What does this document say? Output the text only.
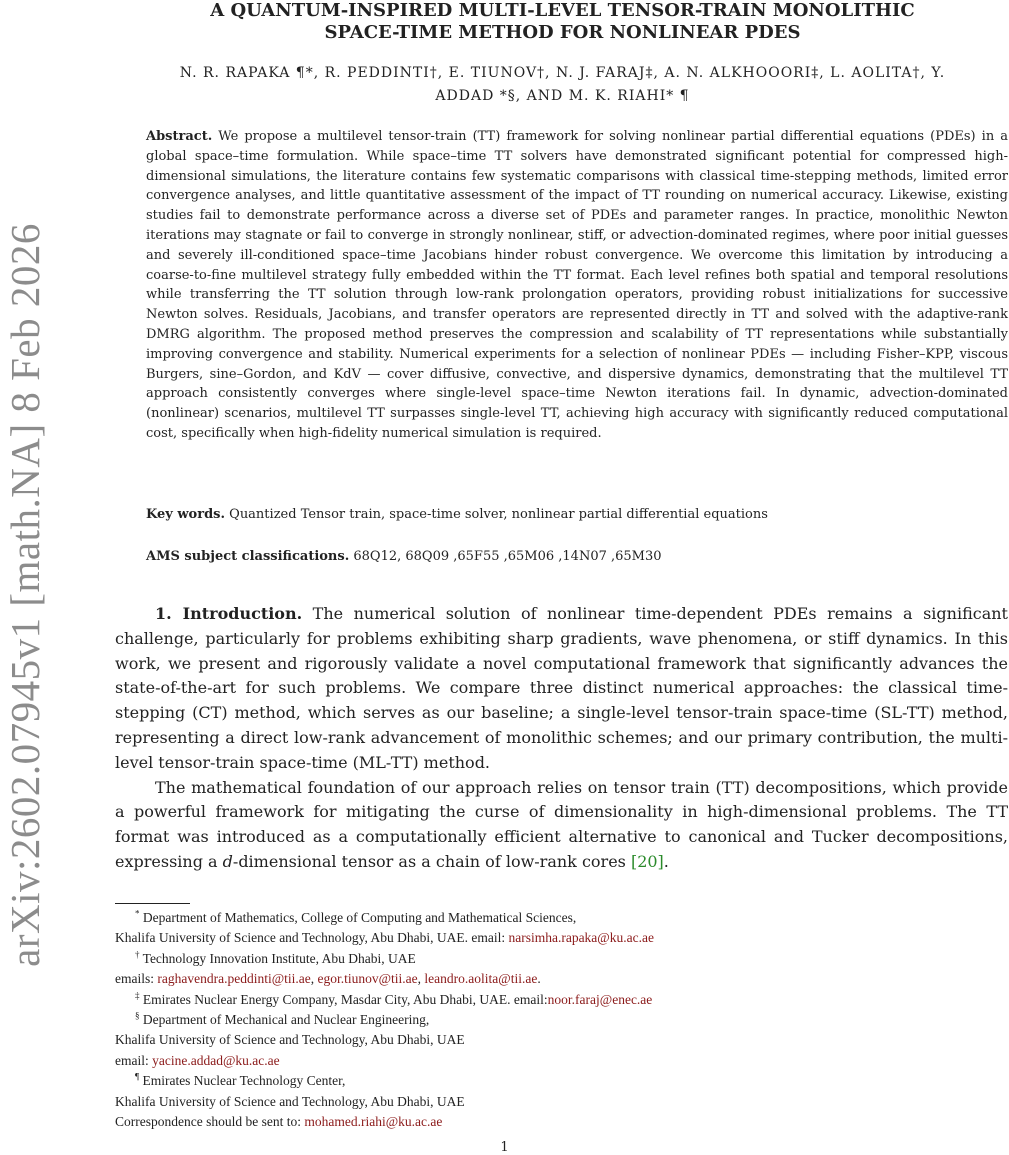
arXiv:2602.07945v1 [math.NA] 8 Feb 2026
A QUANTUM-INSPIRED MULTI-LEVEL TENSOR-TRAIN MONOLITHIC
SPACE-TIME METHOD FOR NONLINEAR PDES
N. R. RAPAKA ¶*, R. PEDDINTI†, E. TIUNOV†, N. J. FARAJ‡, A. N. ALKHOOORI‡, L. AOLITA†, Y.
ADDAD *§, AND M. K. RIAHI* ¶
Abstract. We propose a multilevel tensor-train (TT) framework for solving nonlinear partial differential equations (PDEs) in a global space–time formulation. While space–time TT solvers have demonstrated significant potential for compressed high-dimensional simulations, the literature contains few systematic comparisons with classical time-stepping methods, limited error convergence analyses, and little quantitative assessment of the impact of TT rounding on numerical accuracy. Likewise, existing studies fail to demonstrate performance across a diverse set of PDEs and parameter ranges. In practice, monolithic Newton iterations may stagnate or fail to converge in strongly nonlinear, stiff, or advection-dominated regimes, where poor initial guesses and severely ill-conditioned space–time Jacobians hinder robust convergence. We overcome this limitation by introducing a coarse-to-fine multilevel strategy fully embedded within the TT format. Each level refines both spatial and temporal resolutions while transferring the TT solution through low-rank prolongation operators, providing robust initializations for successive Newton solves. Residuals, Jacobians, and transfer operators are represented directly in TT and solved with the adaptive-rank DMRG algorithm. The proposed method preserves the compression and scalability of TT representations while substantially improving convergence and stability. Numerical experiments for a selection of nonlinear PDEs — including Fisher–KPP, viscous Burgers, sine–Gordon, and KdV — cover diffusive, convective, and dispersive dynamics, demonstrating that the multilevel TT approach consistently converges where single-level space–time Newton iterations fail. In dynamic, advection-dominated (nonlinear) scenarios, multilevel TT surpasses single-level TT, achieving high accuracy with significantly reduced computational cost, specifically when high-fidelity numerical simulation is required.
Key words. Quantized Tensor train, space-time solver, nonlinear partial differential equations
AMS subject classifications. 68Q12, 68Q09 ,65F55 ,65M06 ,14N07 ,65M30

1. Introduction. The numerical solution of nonlinear time-dependent PDEs remains a significant challenge, particularly for problems exhibiting sharp gradients, wave phenomena, or stiff dynamics. In this work, we present and rigorously validate a novel computational framework that significantly advances the state-of-the-art for such problems. We compare three distinct numerical approaches: the classical time-stepping (CT) method, which serves as our baseline; a single-level tensor-train space-time (SL-TT) method, representing a direct low-rank advancement of monolithic schemes; and our primary contribution, the multi-level tensor-train space-time (ML-TT) method.

The mathematical foundation of our approach relies on tensor train (TT) decompositions, which provide a powerful framework for mitigating the curse of dimensionality in high-dimensional problems. The TT format was introduced as a computationally efficient alternative to canonical and Tucker decompositions, expressing a d-dimensional tensor as a chain of low-rank cores [20].

* Department of Mathematics, College of Computing and Mathematical Sciences,
Khalifa University of Science and Technology, Abu Dhabi, UAE. email: narsimha.rapaka@ku.ac.ae
† Technology Innovation Institute, Abu Dhabi, UAE
emails: raghavendra.peddinti@tii.ae, egor.tiunov@tii.ae, leandro.aolita@tii.ae.
‡ Emirates Nuclear Energy Company, Masdar City, Abu Dhabi, UAE. email:noor.faraj@enec.ae
§ Department of Mechanical and Nuclear Engineering,
Khalifa University of Science and Technology, Abu Dhabi, UAE
email: yacine.addad@ku.ac.ae
¶ Emirates Nuclear Technology Center,
Khalifa University of Science and Technology, Abu Dhabi, UAE
Correspondence should be sent to: mohamed.riahi@ku.ac.ae
1
